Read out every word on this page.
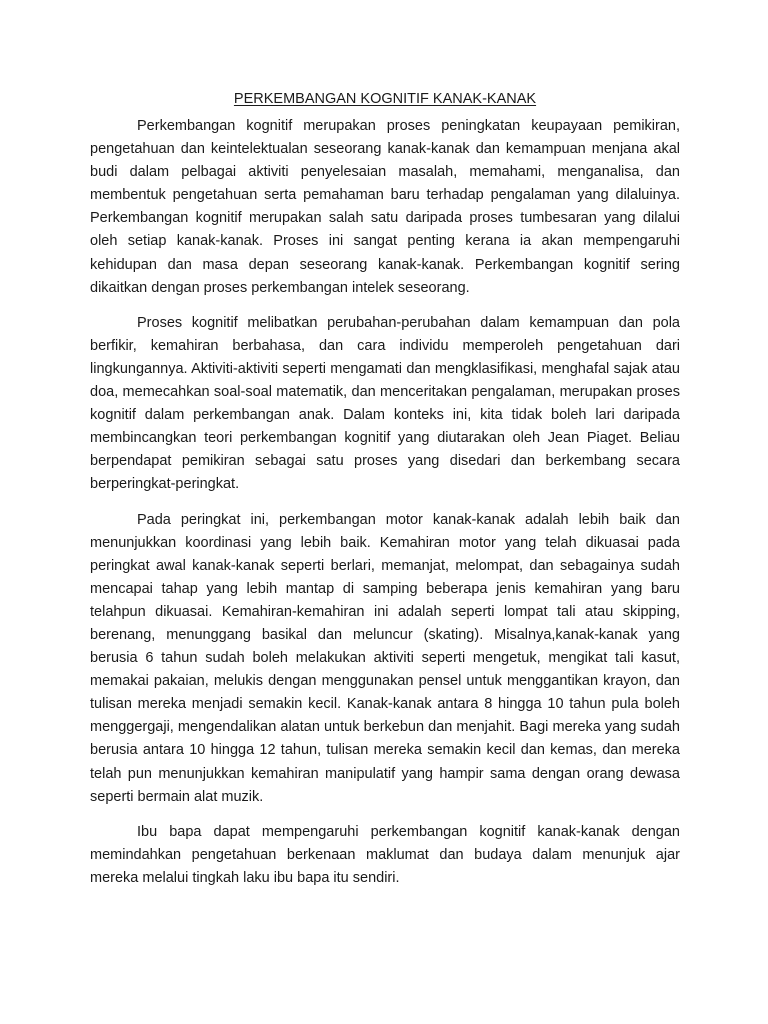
PERKEMBANGAN KOGNITIF KANAK-KANAK

Perkembangan kognitif merupakan proses peningkatan keupayaan pemikiran, pengetahuan dan keintelektualan seseorang kanak-kanak dan kemampuan menjana akal budi dalam pelbagai aktiviti penyelesaian masalah, memahami, menganalisa, dan membentuk pengetahuan serta pemahaman baru terhadap pengalaman yang dilaluinya. Perkembangan kognitif merupakan salah satu daripada proses tumbesaran yang dilalui oleh setiap kanak-kanak. Proses ini sangat penting kerana ia akan mempengaruhi kehidupan dan masa depan seseorang kanak-kanak. Perkembangan kognitif sering dikaitkan dengan proses perkembangan intelek seseorang.

Proses kognitif melibatkan perubahan-perubahan dalam kemampuan dan pola berfikir, kemahiran berbahasa, dan cara individu memperoleh pengetahuan dari lingkungannya. Aktiviti-aktiviti seperti mengamati dan mengklasifikasi, menghafal sajak atau doa, memecahkan soal-soal matematik, dan menceritakan pengalaman, merupakan proses kognitif dalam perkembangan anak. Dalam konteks ini, kita tidak boleh lari daripada membincangkan teori perkembangan kognitif yang diutarakan oleh Jean Piaget. Beliau berpendapat pemikiran sebagai satu proses yang disedari dan berkembang secara berperingkat-peringkat.

Pada peringkat ini, perkembangan motor kanak-kanak adalah lebih baik dan menunjukkan koordinasi yang lebih baik. Kemahiran motor yang telah dikuasai pada peringkat awal kanak-kanak seperti berlari, memanjat, melompat, dan sebagainya sudah mencapai tahap yang lebih mantap di samping beberapa jenis kemahiran yang baru telahpun dikuasai. Kemahiran-kemahiran ini adalah seperti lompat tali atau skipping, berenang, menunggang basikal dan meluncur (skating). Misalnya,kanak-kanak yang berusia 6 tahun sudah boleh melakukan aktiviti seperti mengetuk, mengikat tali kasut, memakai pakaian, melukis dengan menggunakan pensel untuk menggantikan krayon, dan tulisan mereka menjadi semakin kecil. Kanak-kanak antara 8 hingga 10 tahun pula boleh menggergaji, mengendalikan alatan untuk berkebun dan menjahit. Bagi mereka yang sudah berusia antara 10 hingga 12 tahun, tulisan mereka semakin kecil dan kemas, dan mereka telah pun menunjukkan kemahiran manipulatif yang hampir sama dengan orang dewasa seperti bermain alat muzik.

Ibu bapa dapat mempengaruhi perkembangan kognitif kanak-kanak dengan memindahkan pengetahuan berkenaan maklumat dan budaya dalam menunjuk ajar mereka melalui tingkah laku ibu bapa itu sendiri.
